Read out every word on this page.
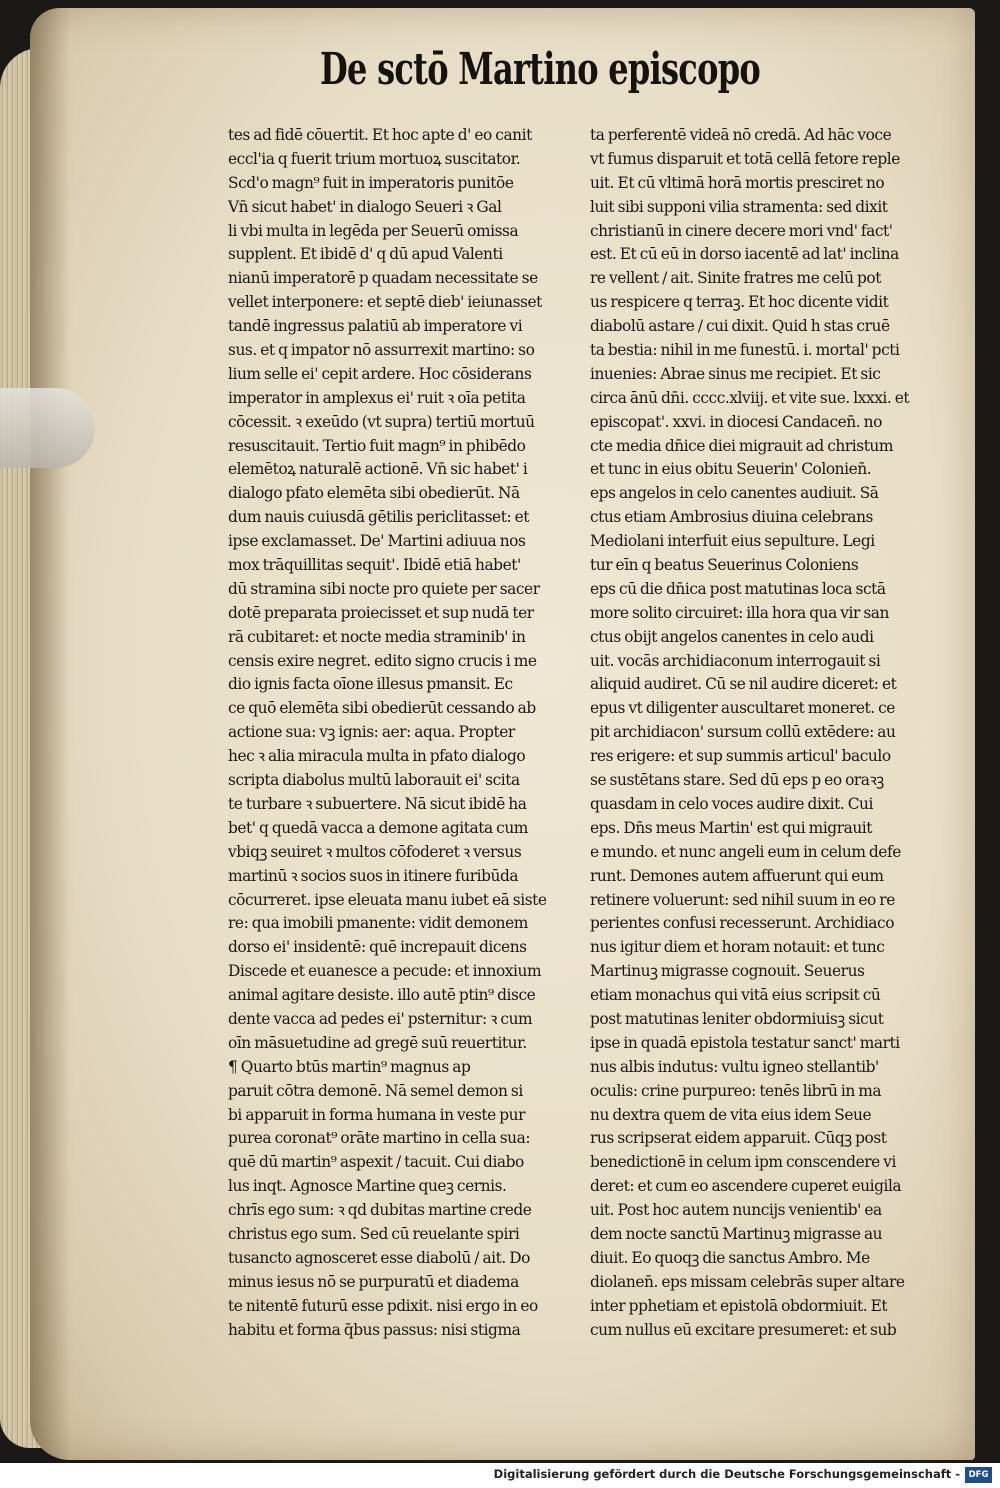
De sctō Martino episcopo
tes ad fidē cōuertit. Et hoc apte d' eo canit
eccl'ia q fuerit trium mortuoꝝ suscitator.
Scd'o magn⁹ fuit in imperatoris punitōe
Vn̄ sicut habet' in dialogo Seueri ꝛ Gal
li vbi multa in legēda per Seuerū omissa
supplent. Et ibidē d' q dū apud Valenti
nianū imperatorē p quadam necessitate se
vellet interponere: et septē dieb' ieiunasset
tandē ingressus palatiū ab imperatore vi
sus. et q impator nō assurrexit martino: so
lium selle ei' cepit ardere. Hoc cōsiderans
imperator in amplexus ei' ruit ꝛ oīa petita
cōcessit. ꝛ exeūdo (vt supra) tertiū mortuū
resuscitauit. Tertio fuit magn⁹ in phibēdo
elemētoꝝ naturalē actionē. Vn̄ sic habet' i
dialogo pfato elemēta sibi obedierūt. Nā
dum nauis cuiusdā gētilis periclitasset: et
ipse exclamasset. De' Martini adiuua nos
mox trāquillitas sequit'. Ibidē etiā habet'
dū stramina sibi nocte pro quiete per sacer
dotē preparata proiecisset et sup nudā ter
rā cubitaret: et nocte media straminib' in
censis exire negret. edito signo crucis i me
dio ignis facta oīone illesus pmansit. Ec
ce quō elemēta sibi obedierūt cessando ab
actione sua: vꝫ ignis: aer: aqua. Propter
hec ꝛ alia miracula multa in pfato dialogo
scripta diabolus multū laborauit ei' scita
te turbare ꝛ subuertere. Nā sicut ibidē ha
bet' q quedā vacca a demone agitata cum
vbiqꝫ seuiret ꝛ multos cōfoderet ꝛ versus
martinū ꝛ socios suos in itinere furibūda
cōcurreret. ipse eleuata manu iubet eā siste
re: qua imobili pmanente: vidit demonem
dorso ei' insidentē: quē increpauit dicens
Discede et euanesce a pecude: et innoxium
animal agitare desiste. illo autē ptin⁹ disce
dente vacca ad pedes ei' psternitur: ꝛ cum
oīn māsuetudine ad gregē suū reuertitur.
¶ Quarto btūs martin⁹ magnus ap
paruit cōtra demonē. Nā semel demon si
bi apparuit in forma humana in veste pur
purea coronat⁹ orāte martino in cella sua:
quē dū martin⁹ aspexit / tacuit. Cui diabo
lus inqt. Agnosce Martine queꝫ cernis.
chrīs ego sum: ꝛ qd dubitas martine crede
christus ego sum. Sed cū reuelante spiri
tusancto agnosceret esse diabolū / ait. Do
minus iesus nō se purpuratū et diadema
te nitentē futurū esse pdixit. nisi ergo in eo
habitu et forma q̄bus passus: nisi stigma
ta perferentē videā nō credā. Ad hāc voce
vt fumus disparuit et totā cellā fetore reple
uit. Et cū vltimā horā mortis presciret no
luit sibi supponi vilia stramenta: sed dixit
christianū in cinere decere mori vnd' fact'
est. Et cū eū in dorso iacentē ad lat' inclina
re vellent / ait. Sinite fratres me celū pot
us respicere q terraꝫ. Et hoc dicente vidit
diabolū astare / cui dixit. Quid h stas cruē
ta bestia: nihil in me funestū. i. mortal' pcti
inuenies: Abrae sinus me recipiet. Et sic
circa ānū dn̄i. cccc.xlviij. et vite sue. lxxxi. et
episcopat'. xxvi. in diocesi Candacen̄. no
cte media dn̄ice diei migrauit ad christum
et tunc in eius obitu Seuerin' Colonien̄.
eps angelos in celo canentes audiuit. Sā
ctus etiam Ambrosius diuina celebrans
Mediolani interfuit eius sepulture. Legi
tur eīn q beatus Seuerinus Coloniens
eps cū die dn̄ica post matutinas loca sctā
more solito circuiret: illa hora qua vir san
ctus obijt angelos canentes in celo audi
uit. vocās archidiaconum interrogauit si
aliquid audiret. Cū se nil audire diceret: et
epus vt diligenter auscultaret moneret. ce
pit archidiacon' sursum collū extēdere: au
res erigere: et sup summis articul' baculo
se sustētans stare. Sed dū eps p eo oraꝛꝫ
quasdam in celo voces audire dixit. Cui
eps. Dn̄s meus Martin' est qui migrauit
e mundo. et nunc angeli eum in celum defe
runt. Demones autem affuerunt qui eum
retinere voluerunt: sed nihil suum in eo re
perientes confusi recesserunt. Archidiaco
nus igitur diem et horam notauit: et tunc
Martinuꝫ migrasse cognouit. Seuerus
etiam monachus qui vitā eius scripsit cū
post matutinas leniter obdormiuisꝫ sicut
ipse in quadā epistola testatur sanct' marti
nus albis indutus: vultu igneo stellantib'
oculis: crine purpureo: tenēs librū in ma
nu dextra quem de vita eius idem Seue
rus scripserat eidem apparuit. Cūqꝫ post
benedictionē in celum ipm conscendere vi
deret: et cum eo ascendere cuperet euigila
uit. Post hoc autem nuncijs venientib' ea
dem nocte sanctū Martinuꝫ migrasse au
diuit. Eo quoqꝫ die sanctus Ambro. Me
diolanen̄. eps missam celebrās super altare
inter pphetiam et epistolā obdormiuit. Et
cum nullus eū excitare presumeret: et sub
Digitalisierung gefördert durch die Deutsche Forschungsgemeinschaft -	DFG
